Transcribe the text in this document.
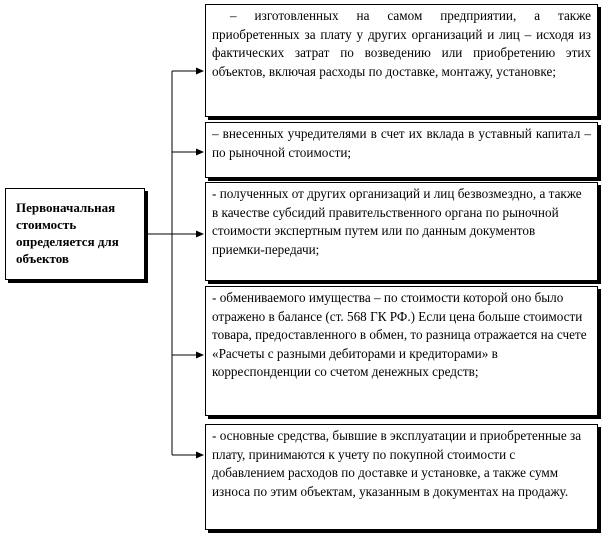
Первоначальная стоимость определяется для объектов
– изготовленных на самом предприятии, а также приобретенных за плату у других организаций и лиц – исходя из фактических затрат по возведению или приобретению этих объектов, включая расходы по доставке, монтажу, установке;
– внесенных учредителями в счет их вклада в уставный капитал – по рыночной стоимости;
- полученных от других организаций и лиц безвозмездно, а также в качестве субсидий правительственного органа по рыночной стоимости экспертным путем или по данным документов приемки-передачи;
- обмениваемого имущества – по стоимости которой оно было отражено в балансе (ст. 568 ГК РФ.) Если цена больше стоимости товара, предоставленного в обмен, то разница отражается на счете «Расчеты с разными дебиторами и кредиторами» в корреспонденции со счетом денежных средств;
- основные средства, бывшие в эксплуатации и приобретенные за плату, принимаются к учету по покупной стоимости с добавлением расходов по доставке и установке, а также сумм износа по этим объектам, указанным в документах на продажу.
